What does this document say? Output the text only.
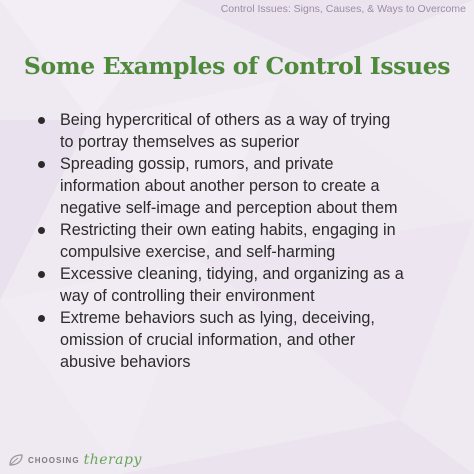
Control Issues: Signs, Causes, & Ways to Overcome
Some Examples of Control Issues
Being hypercritical of others as a way of trying
to portray themselves as superior
Spreading gossip, rumors, and private
information about another person to create a
negative self-image and perception about them
Restricting their own eating habits, engaging in
compulsive exercise, and self-harming
Excessive cleaning, tidying, and organizing as a
way of controlling their environment
Extreme behaviors such as lying, deceiving,
omission of crucial information, and other
abusive behaviors
CHOOSING therapy
